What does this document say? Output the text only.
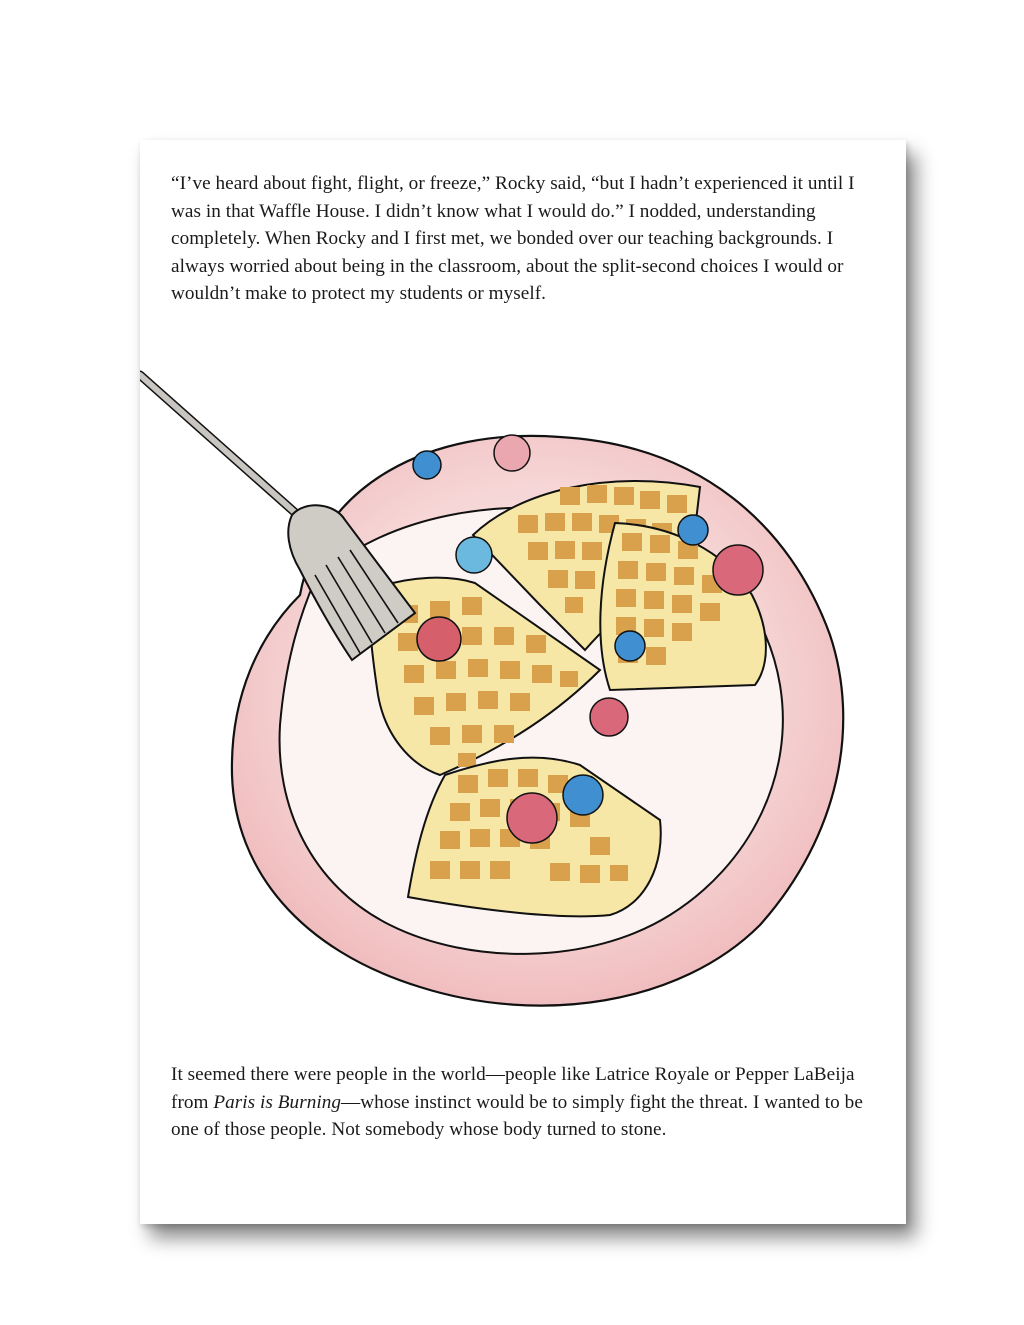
“I’ve heard about fight, flight, or freeze,” Rocky said, “but I hadn’t experienced it until I was in that Waffle House. I didn’t know what I would do.” I nodded, understanding completely. When Rocky and I first met, we bonded over our teaching backgrounds. I always worried about being in the classroom, about the split-second choices I would or wouldn’t make to protect my students or myself.

It seemed there were people in the world—people like Latrice Royale or Pepper LaBeija from Paris is Burning—whose instinct would be to simply fight the threat. I wanted to be one of those people. Not somebody whose body turned to stone.
